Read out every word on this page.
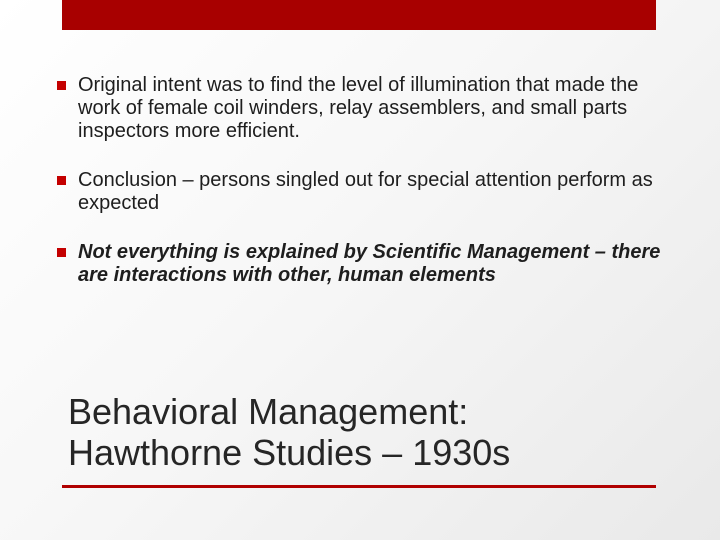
Original intent was to find the level of illumination that made the work of female coil winders, relay assemblers, and small parts inspectors more efficient.
Conclusion – persons singled out for special attention perform as expected
Not everything is explained by Scientific Management – there are interactions with other, human elements
Behavioral Management:
Hawthorne Studies – 1930s
